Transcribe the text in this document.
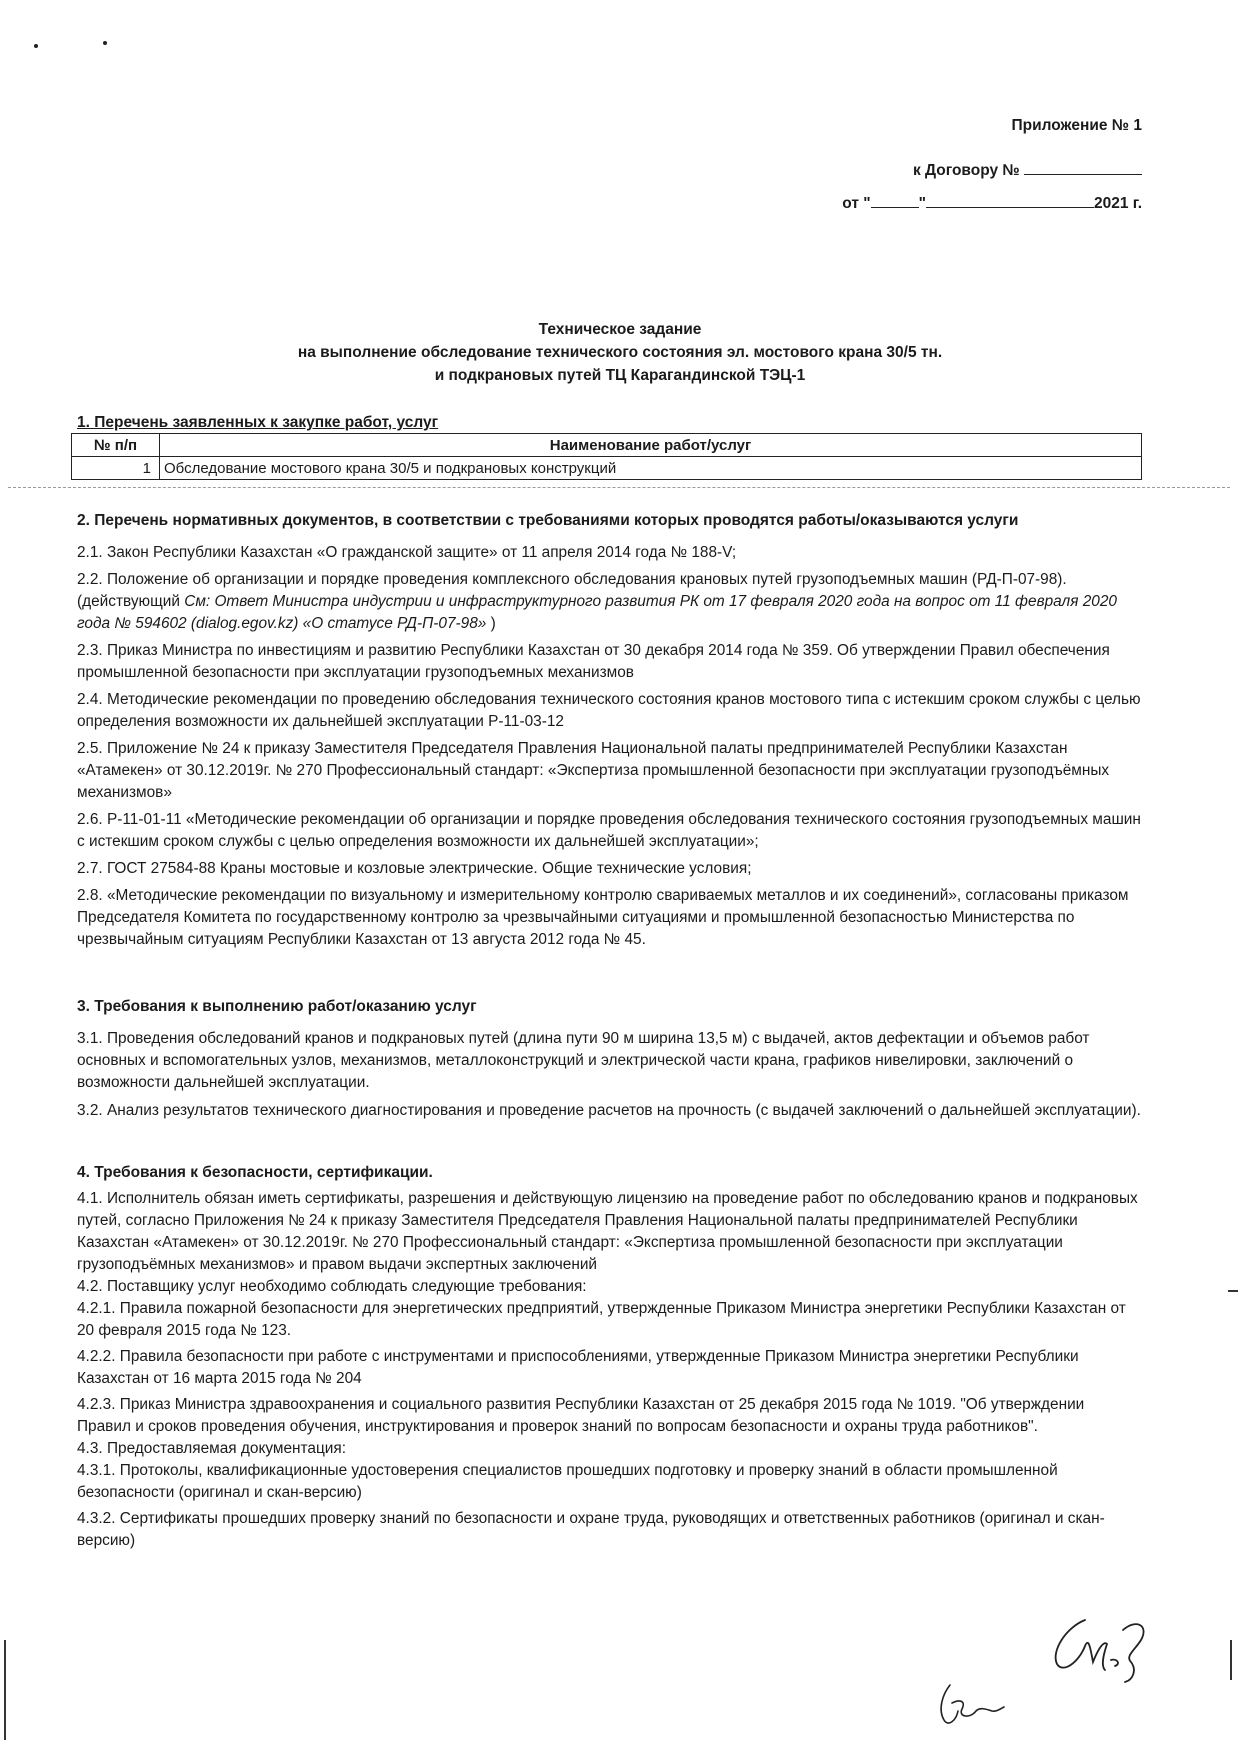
Приложение № 1
к Договору №
от "	"	2021 г.
Техническое задание
на выполнение обследование технического состояния эл. мостового крана 30/5 тн.
и подкрановых путей ТЦ Карагандинской ТЭЦ-1
1. Перечень заявленных к закупке работ, услуг
№ п/п	Наименование работ/услуг
1	Обследование мостового крана 30/5 и подкрановых конструкций
2. Перечень нормативных документов, в соответствии с требованиями которых проводятся работы/оказываются услуги

2.1. Закон Республики Казахстан «О гражданской защите» от 11 апреля 2014 года № 188-V;

2.2. Положение об организации и порядке проведения комплексного обследования крановых путей грузоподъемных машин (РД-П-07-98). (действующий См: Ответ Министра индустрии и инфраструктурного развития РК от 17 февраля 2020 года на вопрос от 11 февраля 2020 года № 594602 (dialog.egov.kz) «О статусе РД-П-07-98» )

2.3. Приказ Министра по инвестициям и развитию Республики Казахстан от 30 декабря 2014 года № 359. Об утверждении Правил обеспечения промышленной безопасности при эксплуатации грузоподъемных механизмов

2.4. Методические рекомендации по проведению обследования технического состояния кранов мостового типа с истекшим сроком службы с целью определения возможности их дальнейшей эксплуатации Р-11-03-12

2.5. Приложение № 24 к приказу Заместителя Председателя Правления Национальной палаты предпринимателей Республики Казахстан «Атамекен» от 30.12.2019г. № 270 Профессиональный стандарт: «Экспертиза промышленной безопасности при эксплуатации грузоподъёмных механизмов»

2.6. Р-11-01-11 «Методические рекомендации об организации и порядке проведения обследования технического состояния грузоподъемных машин с истекшим сроком службы с целью определения возможности их дальнейшей эксплуатации»;

2.7. ГОСТ 27584-88 Краны мостовые и козловые электрические. Общие технические условия;

2.8. «Методические рекомендации по визуальному и измерительному контролю свариваемых металлов и их соединений», согласованы приказом Председателя Комитета по государственному контролю за чрезвычайными ситуациями и промышленной безопасностью Министерства по чрезвычайным ситуациям Республики Казахстан от 13 августа 2012 года № 45.

3. Требования к выполнению работ/оказанию услуг

3.1. Проведения обследований кранов и подкрановых путей (длина пути 90 м ширина 13,5 м) с выдачей, актов дефектации и объемов работ основных и вспомогательных узлов, механизмов, металлоконструкций и электрической части крана, графиков нивелировки, заключений о возможности дальнейшей эксплуатации.

3.2. Анализ результатов технического диагностирования и проведение расчетов на прочность (с выдачей заключений о дальнейшей эксплуатации).

4. Требования к безопасности, сертификации.

4.1. Исполнитель обязан иметь сертификаты, разрешения и действующую лицензию на проведение работ по обследованию кранов и подкрановых путей, согласно Приложения № 24 к приказу Заместителя Председателя Правления Национальной палаты предпринимателей Республики Казахстан «Атамекен» от 30.12.2019г. № 270 Профессиональный стандарт: «Экспертиза промышленной безопасности при эксплуатации грузоподъёмных механизмов» и правом выдачи экспертных заключений

4.2. Поставщику услуг необходимо соблюдать следующие требования:

4.2.1. Правила пожарной безопасности для энергетических предприятий, утвержденные Приказом Министра энергетики Республики Казахстан от 20 февраля 2015 года № 123.

4.2.2. Правила безопасности при работе с инструментами и приспособлениями, утвержденные Приказом Министра энергетики Республики Казахстан от 16 марта 2015 года № 204

4.2.3. Приказ Министра здравоохранения и социального развития Республики Казахстан от 25 декабря 2015 года № 1019. "Об утверждении Правил и сроков проведения обучения, инструктирования и проверок знаний по вопросам безопасности и охраны труда работников".

4.3. Предоставляемая документация:

4.3.1. Протоколы, квалификационные удостоверения специалистов прошедших подготовку и проверку знаний в области промышленной безопасности (оригинал и скан-версию)

4.3.2. Сертификаты прошедших проверку знаний по безопасности и охране труда, руководящих и ответственных работников (оригинал и скан-версию)
